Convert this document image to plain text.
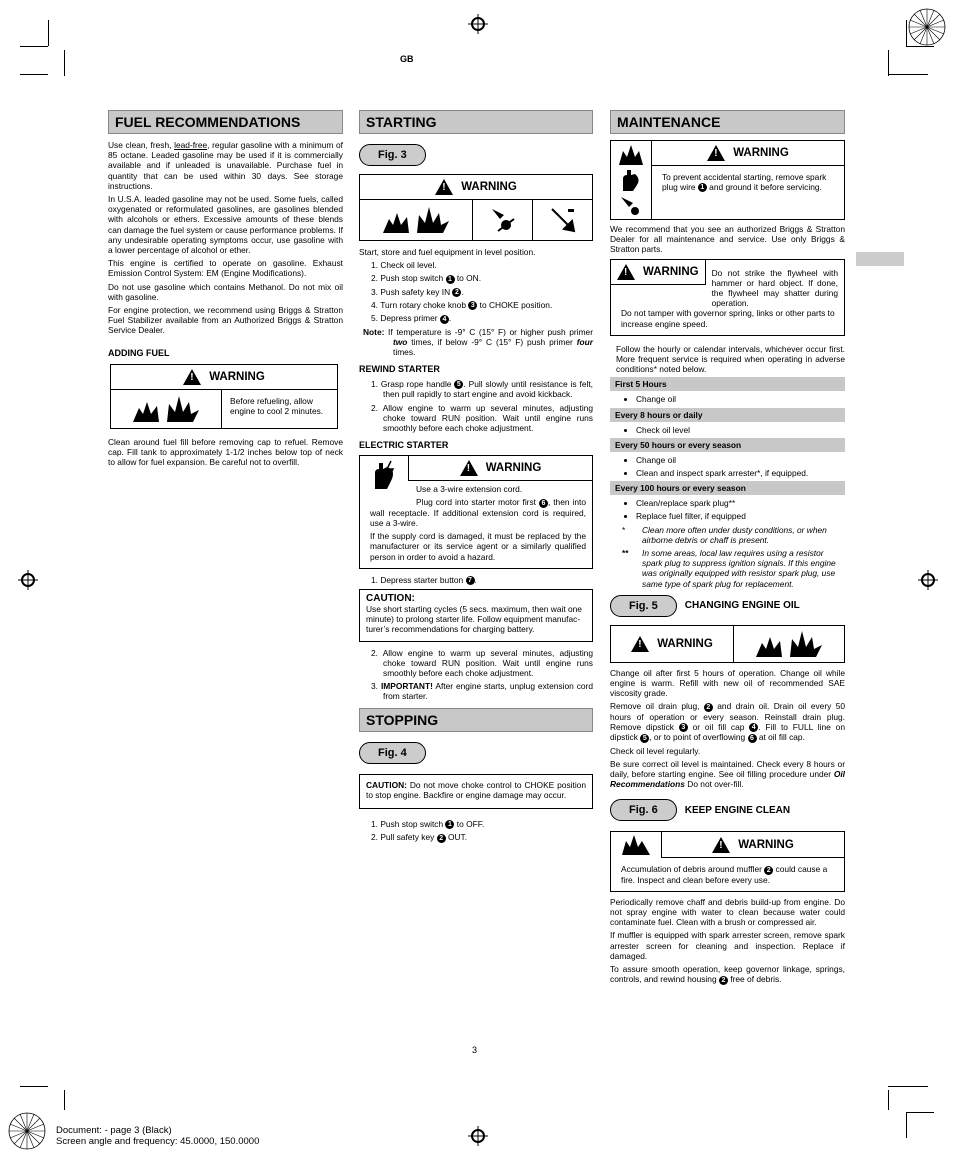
GB
FUEL RECOMMENDATIONS

Use clean, fresh, lead-free, regular gasoline with a minimum of 85 octane. Leaded gasoline may be used if it is commercially available and if unleaded is unavailable. Purchase fuel in quantity that can be used within 30 days. See storage instructions.

In U.S.A. leaded gasoline may not be used. Some fuels, called oxygenated or reformulated gasolines, are gasolines blended with alcohols or ethers. Excessive amounts of these blends can damage the fuel system or cause performance problems. If any undesirable operating symptoms occur, use gasoline with a lower percentage of alcohol or ether.

This engine is certified to operate on gasoline. Exhaust Emission Control System: EM (Engine Modifications).

Do not use gasoline which contains Methanol. Do not mix oil with gasoline.

For engine protection, we recommend using Briggs & Stratton Fuel Stabilizer available from an Authorized Briggs & Stratton Service Dealer.

ADDING FUEL
!
WARNING
Before refueling, allow engine to cool 2 minutes.

Clean around fuel fill before removing cap to refuel. Remove cap. Fill tank to approximately 1-1/2 inches below top of neck to allow for fuel expansion. Be careful not to overfill.

STARTING
Fig. 3
!
WARNING

Start, store and fuel equipment in level position.

1. Check oil level.
2. Push stop switch 1 to ON.
3. Push safety key IN 2 .
4. Turn rotary choke knob 3 to CHOKE position.
5. Depress primer 4 .

Note: If temperature is -9° C (15° F) or higher push primer two times, if below -9° C (15° F) push primer four times.

REWIND STARTER
1. Grasp rope handle 5 . Pull slowly until resistance is felt, then pull rapidly to start engine and avoid kickback.
2. Allow engine to warm up several minutes, adjusting choke toward RUN position. Wait until engine runs smoothly before each choke adjustment.
ELECTRIC STARTER
!
WARNING

Use a 3-wire extension cord.

Plug cord into starter motor first 6 , then into wall receptacle. If additional extension cord is required, use a 3-wire.

If the supply cord is damaged, it must be replaced by the manufacturer or its service agent or a similarly qualified person in order to avoid a hazard.

1. Depress starter button 7 .
CAUTION:

Use short starting cycles (5 secs. maximum, then wait one minute) to prolong starter life. Follow equipment manufac- turer’s recommendations for charging battery.

2. Allow engine to warm up several minutes, adjusting choke toward RUN position. Wait until engine runs smoothly before each choke adjustment.
3. IMPORTANT! After engine starts, unplug extension cord from starter.
STOPPING
Fig. 4

CAUTION: Do not move choke control to CHOKE position to stop engine. Backfire or engine damage may occur.

1. Push stop switch 1 to OFF.
2. Pull safety key 2 OUT.
MAINTENANCE
!
WARNING

To prevent accidental starting, remove spark plug wire 1 and ground it before servicing.

We recommend that you see an authorized Briggs & Stratton Dealer for all maintenance and service. Use only Briggs & Stratton parts.

!
WARNING	Do not strike the flywheel with hammer or hard object. If done, the flywheel may shatter during operation.

Do not tamper with governor spring, links or other parts to increase engine speed.

Follow the hourly or calendar intervals, whichever occur first. More frequent service is required when operating in adverse conditions* noted below.

First 5 Hours
• Change oil
Every 8 hours or daily
• Check oil level
Every 50 hours or every season
• Change oil
• Clean and inspect spark arrester*, if equipped.
Every 100 hours or every season
• Clean/replace spark plug**
• Replace fuel filter, if equipped
*	Clean more often under dusty conditions, or when airborne debris or chaff is present.
**	In some areas, local law requires using a resistor spark plug to suppress ignition signals. If this engine was originally equipped with resistor spark plug, use same type of spark plug for replacement.
Fig. 5	CHANGING ENGINE OIL
!
WARNING

Change oil after first 5 hours of operation. Change oil while engine is warm. Refill with new oil of recommended SAE viscosity grade.

Remove oil drain plug, 2 and drain oil. Drain oil every 50 hours of operation or every season. Reinstall drain plug. Remove dipstick 3 or oil fill cap 4 . Fill to FULL line on dipstick 5 , or to point of overflowing 6 at oil fill cap.

Check oil level regularly.

Be sure correct oil level is maintained. Check every 8 hours or daily, before starting engine. See oil filling procedure under Oil Recommendations Do not over-fill.

Fig. 6	KEEP ENGINE CLEAN
!
WARNING

Accumulation of debris around muffler 2 could cause a fire. Inspect and clean before every use.

Periodically remove chaff and debris build-up from engine. Do not spray engine with water to clean because water could contaminate fuel. Clean with a brush or compressed air.

If muffler is equipped with spark arrester screen, remove spark arrester screen for cleaning and inspection. Replace if damaged.

To assure smooth operation, keep governor linkage, springs, controls, and rewind housing 2 free of debris.

3
Document: - page 3 (Black)
Screen angle and frequency: 45.0000, 150.0000
